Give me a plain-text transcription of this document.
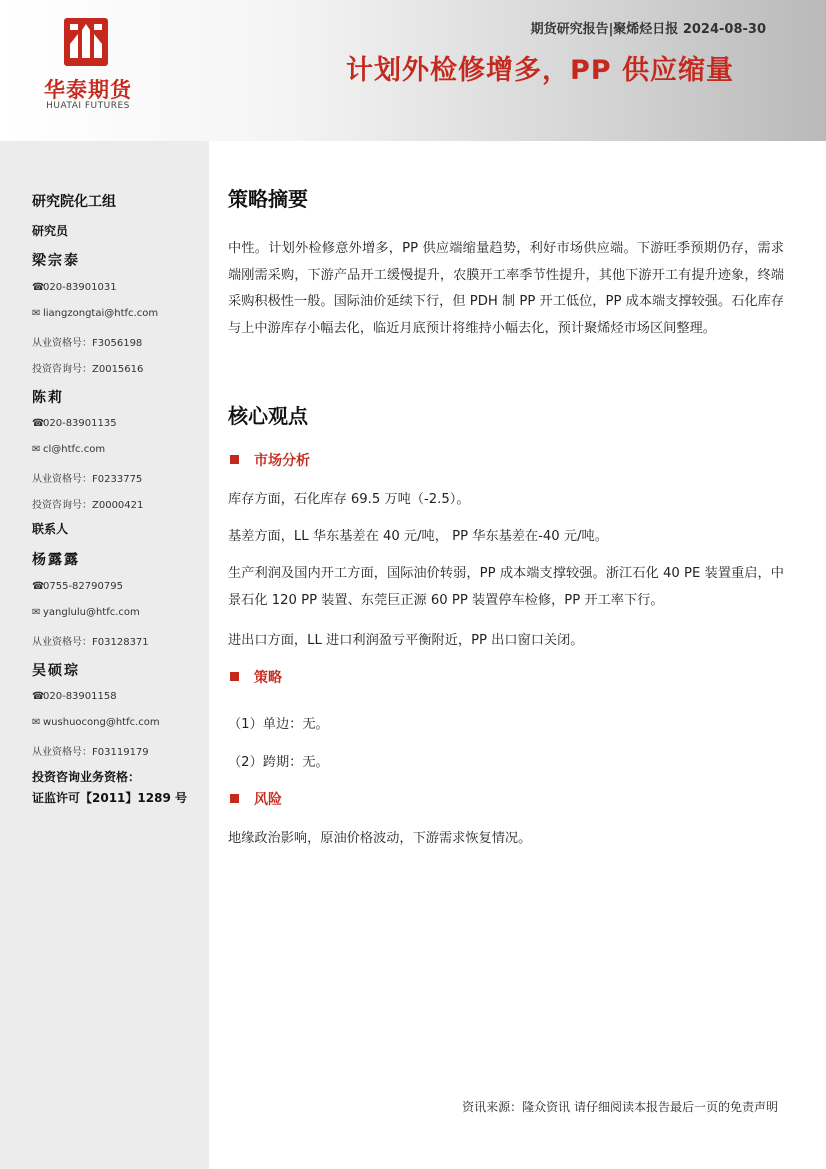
华泰期货
HUATAI FUTURES
期货研究报告|聚烯烃日报 2024-08-30
计划外检修增多，PP 供应缩量
研究院化工组
研究员
梁宗泰
☎020-83901031
✉ liangzongtai@htfc.com
从业资格号：F3056198
投资咨询号：Z0015616
陈莉
☎020-83901135
✉ cl@htfc.com
从业资格号：F0233775
投资咨询号：Z0000421
联系人
杨露露
☎0755-82790795
✉ yanglulu@htfc.com
从业资格号：F03128371
吴硕琮
☎020-83901158
✉ wushuocong@htfc.com
从业资格号：F03119179
投资咨询业务资格：
证监许可【2011】1289 号
策略摘要
中性。计划外检修意外增多，PP 供应端缩量趋势，利好市场供应端。下游旺季预期仍存，需求端刚需采购，下游产品开工缓慢提升，农膜开工率季节性提升，其他下游开工有提升迹象，终端采购积极性一般。国际油价延续下行，但 PDH 制 PP 开工低位，PP 成本端支撑较强。石化库存与上中游库存小幅去化，临近月底预计将维持小幅去化，预计聚烯烃市场区间整理。
核心观点
市场分析
库存方面，石化库存 69.5 万吨（-2.5）。
基差方面，LL 华东基差在 40 元/吨， PP 华东基差在-40 元/吨。
生产利润及国内开工方面，国际油价转弱，PP 成本端支撑较强。浙江石化 40 PE 装置重启，中景石化 120 PP 装置、东莞巨正源 60 PP 装置停车检修，PP 开工率下行。
进出口方面，LL 进口利润盈亏平衡附近，PP 出口窗口关闭。
策略
（1）单边：无。
（2）跨期：无。
风险
地缘政治影响，原油价格波动，下游需求恢复情况。
资讯来源：隆众资讯 请仔细阅读本报告最后一页的免责声明
